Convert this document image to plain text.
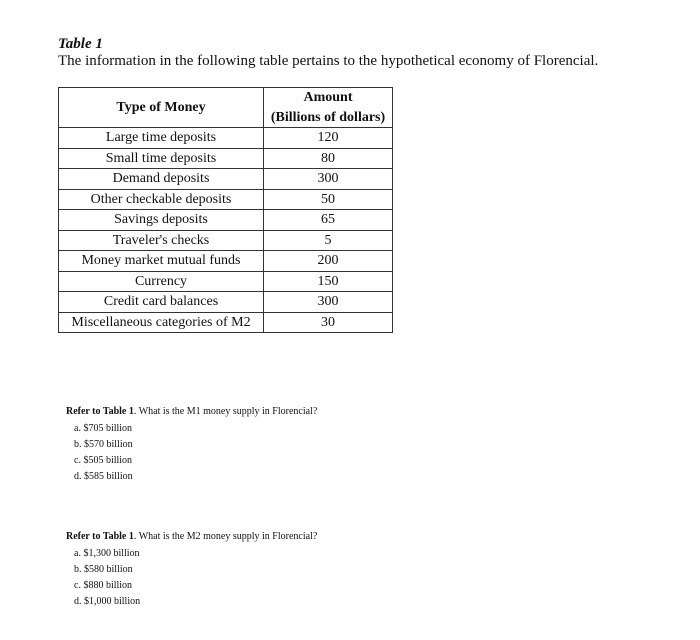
Table 1
The information in the following table pertains to the hypothetical economy of Florencial.
Type of Money	Amount
(Billions of dollars)

Large time deposits	120
Small time deposits	80
Demand deposits	300
Other checkable deposits	50
Savings deposits	65
Traveler's checks	5
Money market mutual funds	200
Currency	150
Credit card balances	300
Miscellaneous categories of M2	30
Refer to Table 1. What is the M1 money supply in Florencial?
a. $705 billion
b. $570 billion
c. $505 billion
d. $585 billion
Refer to Table 1. What is the M2 money supply in Florencial?
a. $1,300 billion
b. $580 billion
c. $880 billion
d. $1,000 billion
